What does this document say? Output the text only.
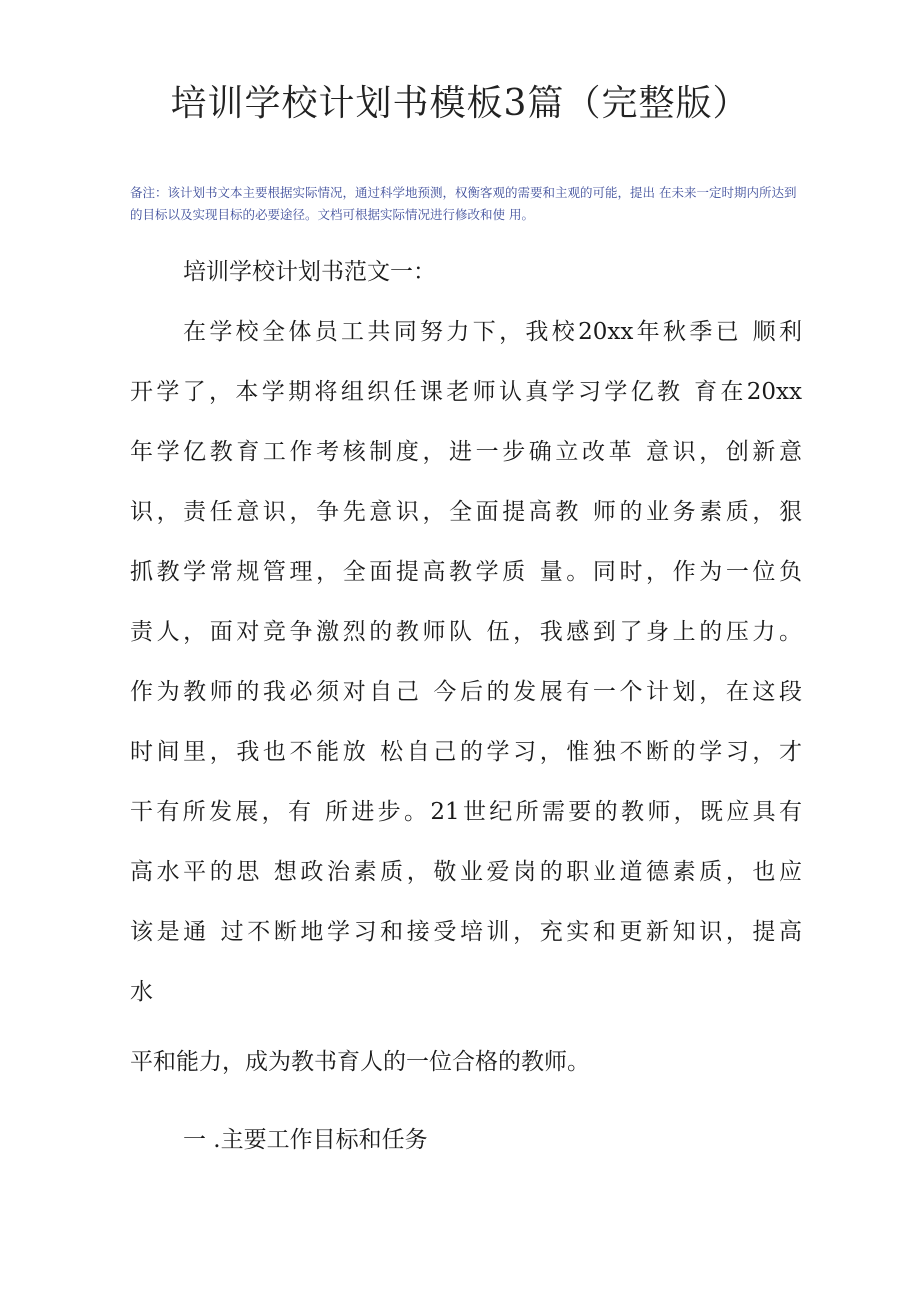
培训学校计划书模板3篇（完整版）
备注：该计划书文本主要根据实际情况，通过科学地预测，权衡客观的需要和主观的可能，提出 在未来一定时期内所达到的目标以及实现目标的必要途径。文档可根据实际情况进行修改和使 用。
培训学校计划书范文一：
在学校全体员工共同努力下，我校20xx年秋季已 顺利
开学了，本学期将组织任课老师认真学习学亿教 育在20xx
年学亿教育工作考核制度，进一步确立改革 意识，创新意
识，责任意识，争先意识，全面提高教 师的业务素质，狠
抓教学常规管理，全面提高教学质 量。同时，作为一位负
责人，面对竞争激烈的教师队 伍，我感到了身上的压力。
作为教师的我必须对自己 今后的发展有一个计划，在这段
时间里，我也不能放 松自己的学习，惟独不断的学习，才
干有所发展，有 所进步。21世纪所需要的教师，既应具有
高水平的思 想政治素质，敬业爱岗的职业道德素质，也应
该是通 过不断地学习和接受培训，充实和更新知识，提高
水
平和能力，成为教书育人的一位合格的教师。
一 .主要工作目标和任务
